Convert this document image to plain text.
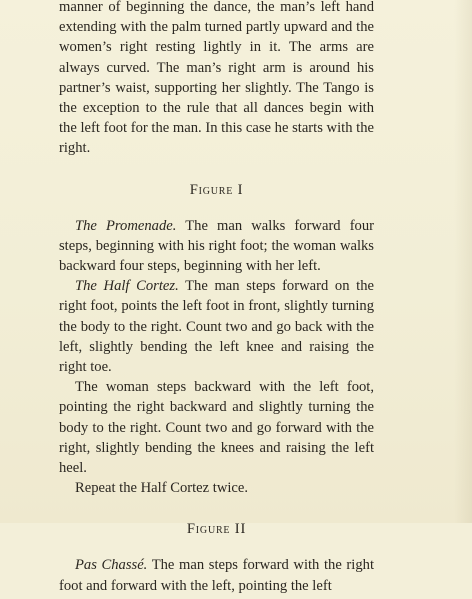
manner of beginning the dance, the man’s left hand extending with the palm turned partly upward and the women’s right resting lightly in it. The arms are always curved. The man’s right arm is around his partner’s waist, supporting her slightly. The Tango is the exception to the rule that all dances begin with the left foot for the man. In this case he starts with the right.

Figure I

The Promenade. The man walks forward four steps, beginning with his right foot; the woman walks backward four steps, beginning with her left.

The Half Cortez. The man steps forward on the right foot, points the left foot in front, slightly turning the body to the right. Count two and go back with the left, slightly bending the left knee and raising the right toe.

The woman steps backward with the left foot, pointing the right backward and slightly turning the body to the right. Count two and go forward with the right, slightly bending the knees and raising the left heel.

Repeat the Half Cortez twice.

Figure II

Pas Chassé. The man steps forward with the right foot and forward with the left, pointing the left
